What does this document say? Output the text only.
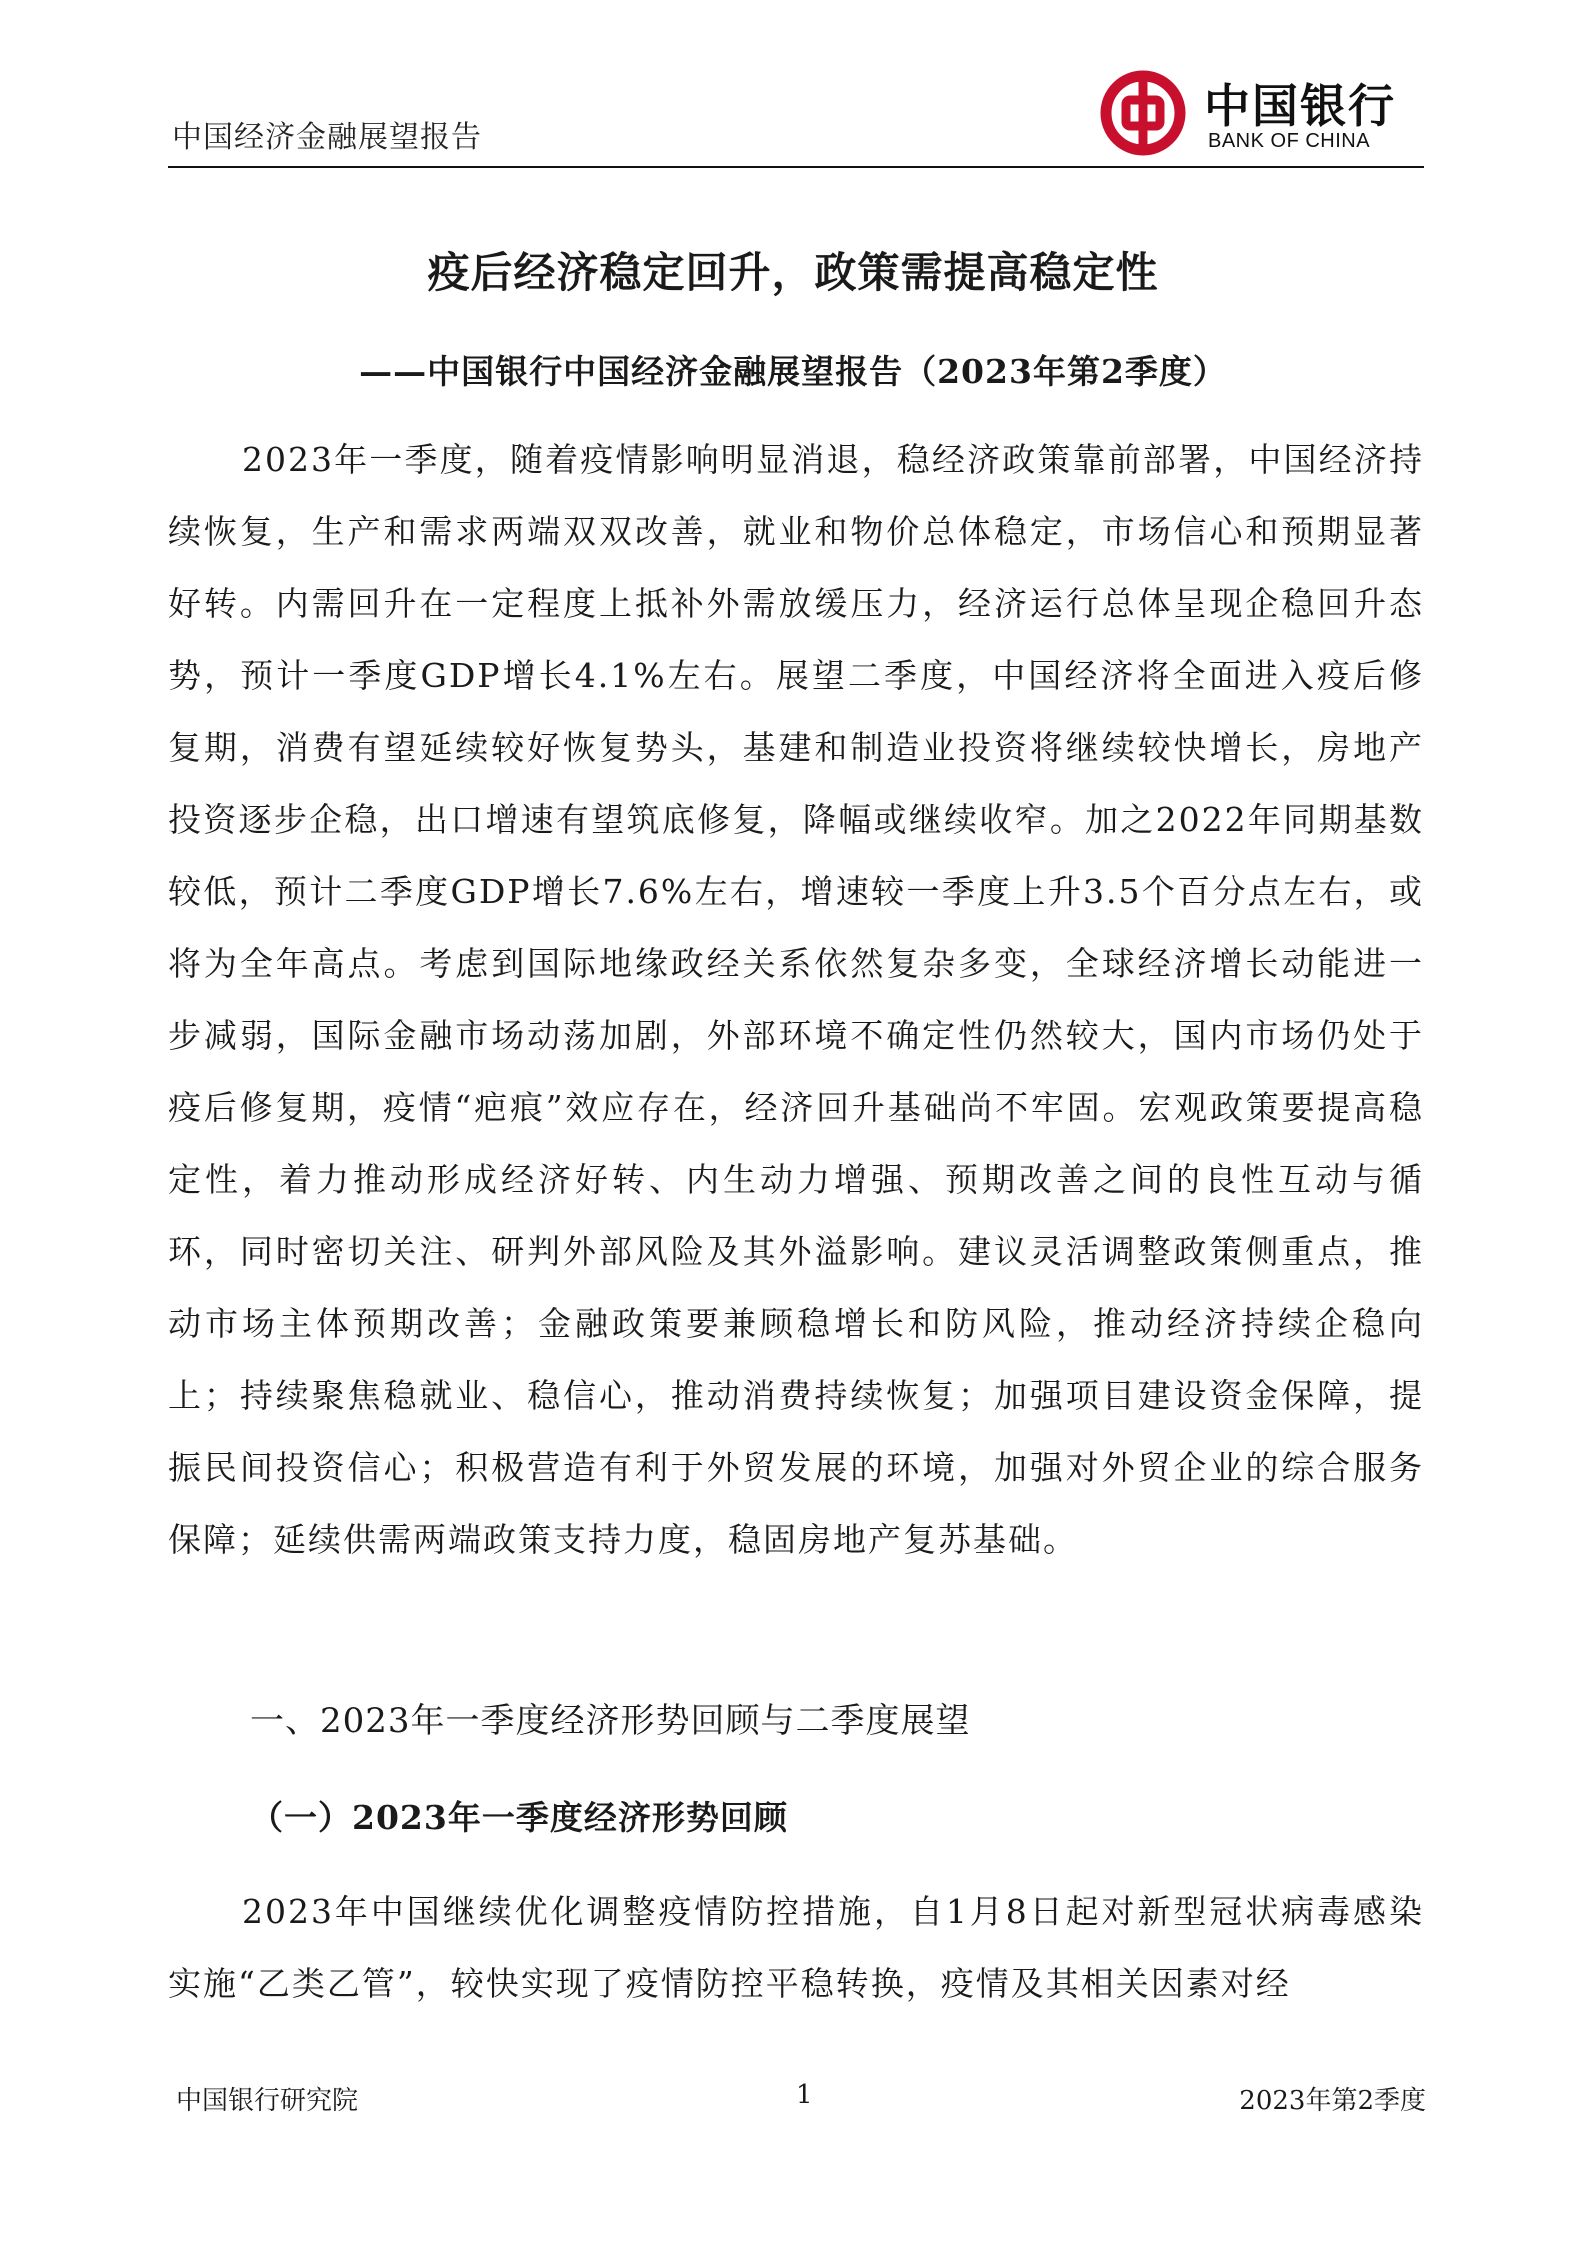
中国经济金融展望报告
中国银行
BANK OF CHINA
疫后经济稳定回升，政策需提高稳定性
——中国银行中国经济金融展望报告（2023年第2季度）

2023年一季度，随着疫情影响明显消退，稳经济政策靠前部署，中国经济持续恢复，生产和需求两端双双改善，就业和物价总体稳定，市场信心和预期显著好转。内需回升在一定程度上抵补外需放缓压力，经济运行总体呈现企稳回升态势，预计一季度GDP增长4.1%左右。展望二季度，中国经济将全面进入疫后修复期，消费有望延续较好恢复势头，基建和制造业投资将继续较快增长，房地产投资逐步企稳，出口增速有望筑底修复，降幅或继续收窄。加之2022年同期基数较低，预计二季度GDP增长7.6%左右，增速较一季度上升3.5个百分点左右，或将为全年高点。考虑到国际地缘政经关系依然复杂多变，全球经济增长动能进一步减弱，国际金融市场动荡加剧，外部环境不确定性仍然较大，国内市场仍处于疫后修复期，疫情“疤痕”效应存在，经济回升基础尚不牢固。宏观政策要提高稳定性，着力推动形成经济好转、内生动力增强、预期改善之间的良性互动与循环，同时密切关注、研判外部风险及其外溢影响。建议灵活调整政策侧重点，推动市场主体预期改善；金融政策要兼顾稳增长和防风险，推动经济持续企稳向上；持续聚焦稳就业、稳信心，推动消费持续恢复；加强项目建设资金保障，提振民间投资信心；积极营造有利于外贸发展的环境，加强对外贸企业的综合服务保障；延续供需两端政策支持力度，稳固房地产复苏基础。

一、2023年一季度经济形势回顾与二季度展望
（一）2023年一季度经济形势回顾

2023年中国继续优化调整疫情防控措施，自1月8日起对新型冠状病毒感染实施“乙类乙管”，较快实现了疫情防控平稳转换，疫情及其相关因素对经

中国银行研究院	1	2023年第2季度
